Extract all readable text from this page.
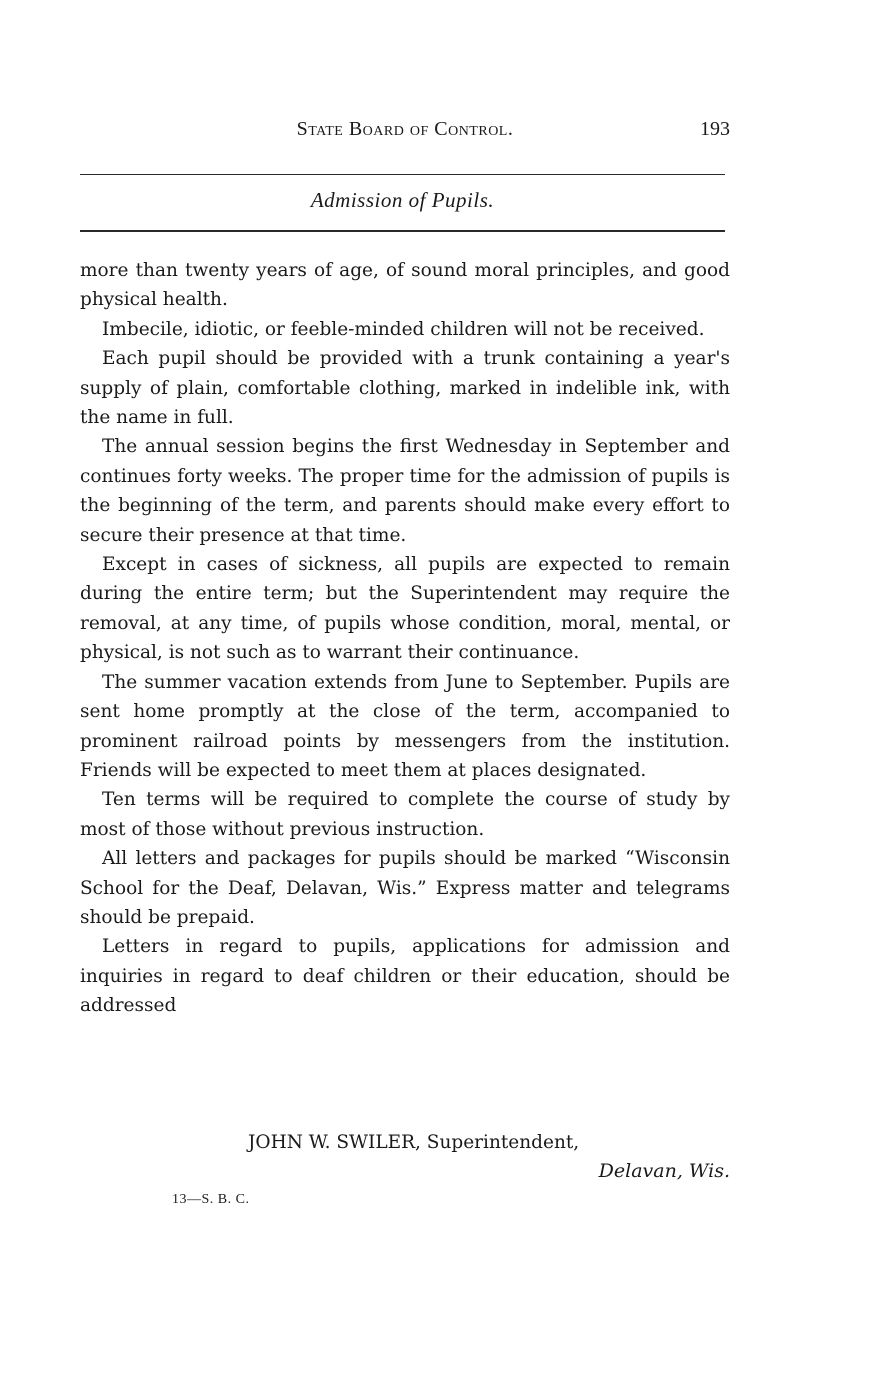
State Board of Control.	193
Admission of Pupils.

more than twenty years of age, of sound moral principles, and good physical health.

Imbecile, idiotic, or feeble-minded children will not be received.

Each pupil should be provided with a trunk containing a year's supply of plain, comfortable clothing, marked in indelible ink, with the name in full.

The annual session begins the first Wednesday in September and continues forty weeks. The proper time for the admission of pupils is the beginning of the term, and parents should make every effort to secure their presence at that time.

Except in cases of sickness, all pupils are expected to remain during the entire term; but the Superintendent may require the removal, at any time, of pupils whose condition, moral, mental, or physical, is not such as to warrant their continuance.

The summer vacation extends from June to September. Pupils are sent home promptly at the close of the term, accompanied to prominent railroad points by messengers from the institution. Friends will be expected to meet them at places designated.

Ten terms will be required to complete the course of study by most of those without previous instruction.

All letters and packages for pupils should be marked “Wisconsin School for the Deaf, Delavan, Wis.” Express matter and telegrams should be prepaid.

Letters in regard to pupils, applications for admission and inquiries in regard to deaf children or their education, should be addressed

JOHN W. SWILER, Superintendent,
Delavan, Wis.
13—S. B. C.
